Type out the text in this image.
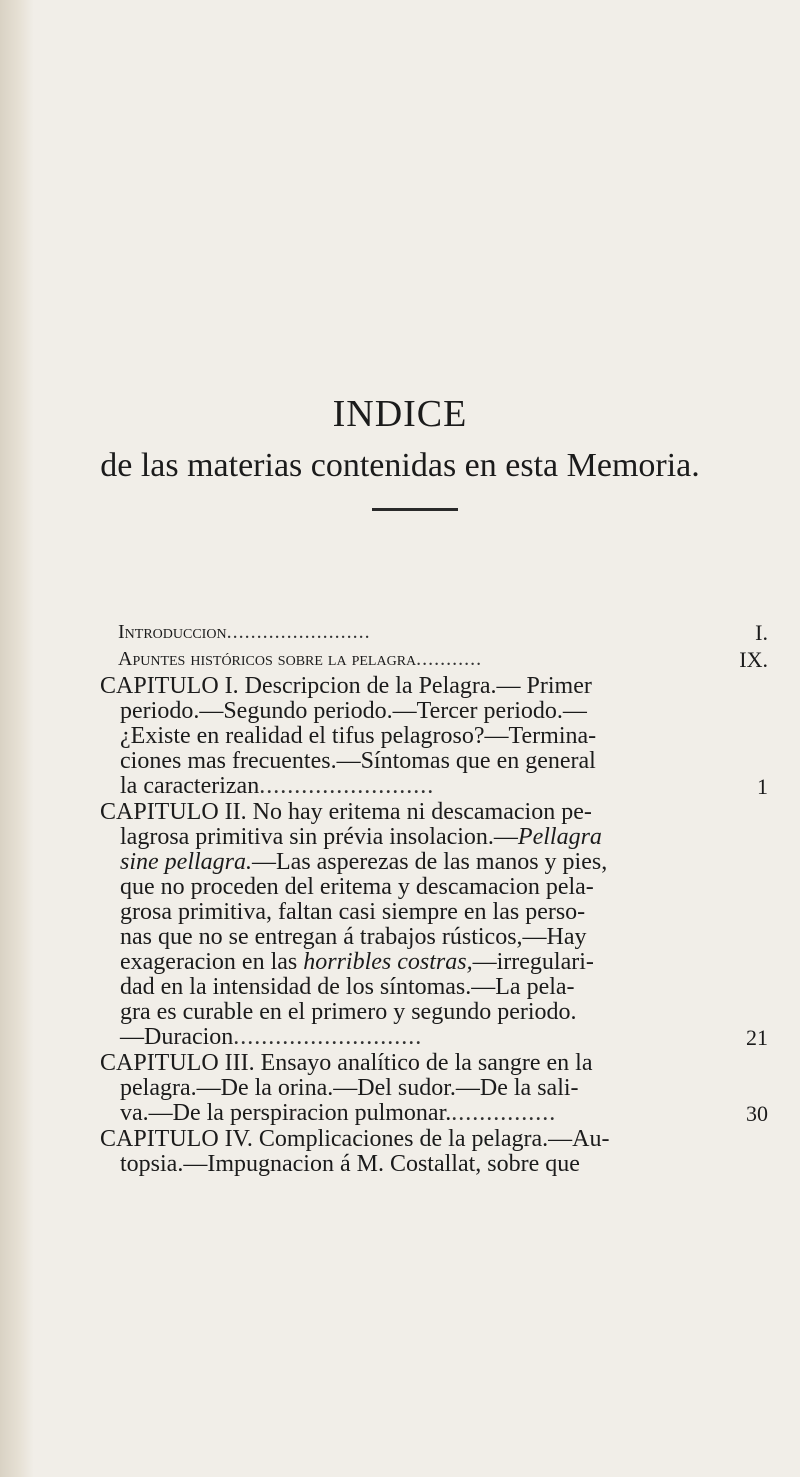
INDICE
de las materias contenidas en esta Memoria.
Introduccion........................	I.
Apuntes históricos sobre la pelagra...........	IX.
CAPITULO I. Descripcion de la Pelagra.— Primer
periodo.—Segundo periodo.—Tercer periodo.—
¿Existe en realidad el tifus pelagroso?—Termina-
ciones mas frecuentes.—Síntomas que en general
la caracterizan.........................	1
CAPITULO II. No hay eritema ni descamacion pe-
lagrosa primitiva sin prévia insolacion.—Pellagra
sine pellagra.—Las asperezas de las manos y pies,
que no proceden del eritema y descamacion pela-
grosa primitiva, faltan casi siempre en las perso-
nas que no se entregan á trabajos rústicos,—Hay
exageracion en las horribles costras,—irregulari-
dad en la intensidad de los síntomas.—La pela-
gra es curable en el primero y segundo periodo.
—Duracion...........................	21
CAPITULO III. Ensayo analítico de la sangre en la
pelagra.—De la orina.—Del sudor.—De la sali-
va.—De la perspiracion pulmonar................	30
CAPITULO IV. Complicaciones de la pelagra.—Au-
topsia.—Impugnacion á M. Costallat, sobre que
